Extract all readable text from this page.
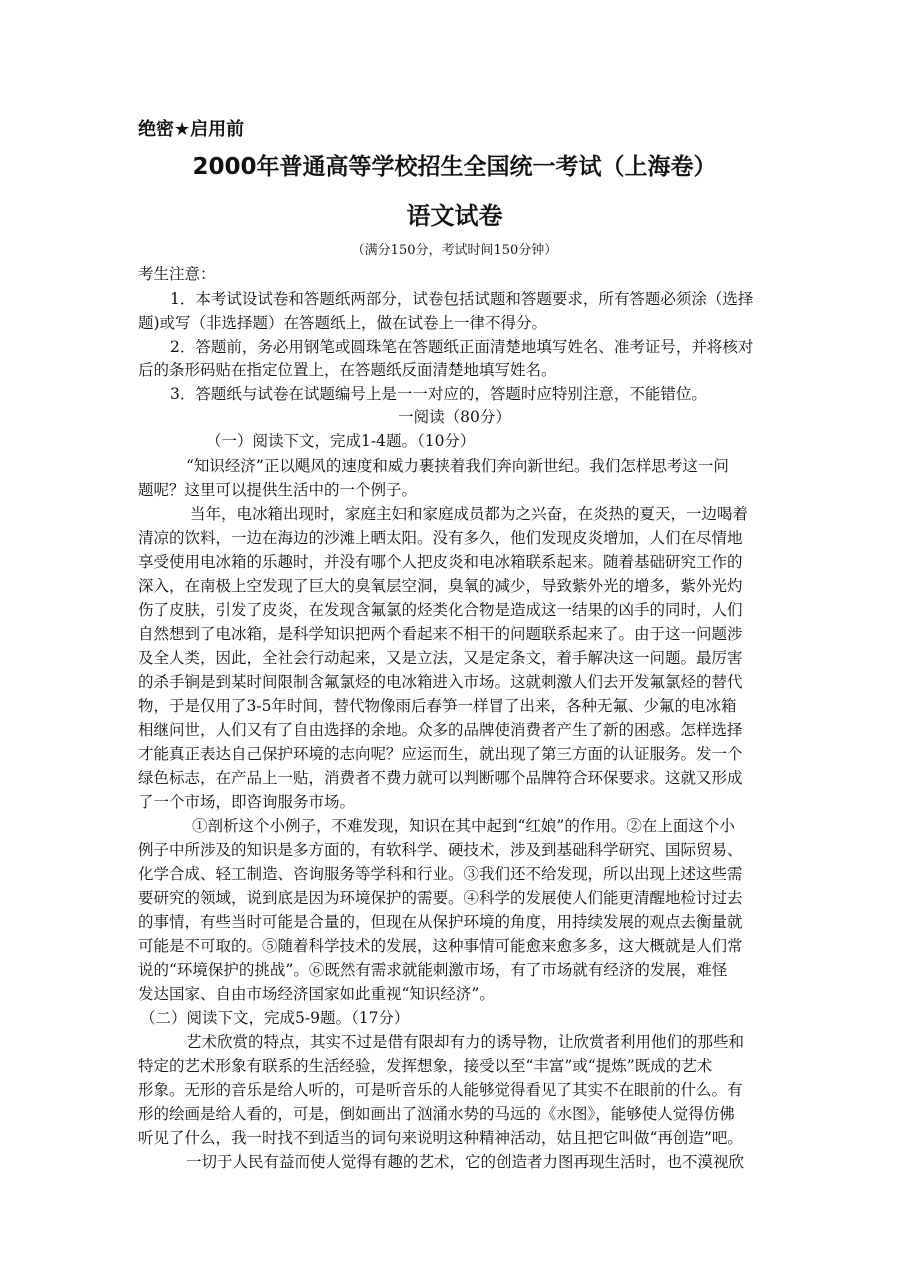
绝密★启用前
2000年普通高等学校招生全国统一考试（上海卷）
语文试卷
（满分150分，考试时间150分钟）
考生注意：
1．本考试设试卷和答题纸两部分，试卷包括试题和答题要求，所有答题必须涂（选择
题)或写（非选择题）在答题纸上，做在试卷上一律不得分。
2．答题前，务必用钢笔或圆珠笔在答题纸正面清楚地填写姓名、准考证号，并将核对
后的条形码贴在指定位置上，在答题纸反面清楚地填写姓名。
3．答题纸与试卷在试题编号上是一一对应的，答题时应特别注意，不能错位。
一阅读（80分）
（一）阅读下文，完成1-4题。（10分）
“知识经济”正以飓风的速度和威力裹挟着我们奔向新世纪。我们怎样思考这一问
题呢？这里可以提供生活中的一个例子。
当年，电冰箱出现时，家庭主妇和家庭成员都为之兴奋，在炎热的夏天，一边喝着
清凉的饮料，一边在海边的沙滩上晒太阳。没有多久，他们发现皮炎增加，人们在尽情地
享受使用电冰箱的乐趣时，并没有哪个人把皮炎和电冰箱联系起来。随着基础研究工作的
深入，在南极上空发现了巨大的臭氧层空洞，臭氧的减少，导致紫外光的增多，紫外光灼
伤了皮肤，引发了皮炎，在发现含氟氯的烃类化合物是造成这一结果的凶手的同时，人们
自然想到了电冰箱，是科学知识把两个看起来不相干的问题联系起来了。由于这一问题涉
及全人类，因此，全社会行动起来，又是立法，又是定条文，着手解决这一问题。最厉害
的杀手锏是到某时间限制含氟氯烃的电冰箱进入市场。这就刺激人们去开发氟氯烃的替代
物，于是仅用了3-5年时间，替代物像雨后春笋一样冒了出来，各种无氟、少氟的电冰箱
相继问世，人们又有了自由选择的余地。众多的品牌使消费者产生了新的困惑。怎样选择
才能真正表达自己保护环境的志向呢？应运而生，就出现了第三方面的认证服务。发一个
绿色标志，在产品上一贴，消费者不费力就可以判断哪个品牌符合环保要求。这就又形成
了一个市场，即咨询服务市场。
①剖析这个小例子，不难发现，知识在其中起到“红娘”的作用。②在上面这个小
例子中所涉及的知识是多方面的，有软科学、硬技术，涉及到基础科学研究、国际贸易、
化学合成、轻工制造、咨询服务等学科和行业。③我们还不给发现，所以出现上述这些需
要研究的领域，说到底是因为环境保护的需要。④科学的发展使人们能更清醒地检讨过去
的事情，有些当时可能是合量的，但现在从保护环境的角度，用持续发展的观点去衡量就
可能是不可取的。⑤随着科学技术的发展，这种事情可能愈来愈多多，这大概就是人们常
说的“环境保护的挑战”。⑥既然有需求就能刺激市场，有了市场就有经济的发展，难怪
发达国家、自由市场经济国家如此重视“知识经济”。
（二）阅读下文，完成5-9题。（17分）
艺术欣赏的特点，其实不过是借有限却有力的诱导物，让欣赏者利用他们的那些和
特定的艺术形象有联系的生活经验，发挥想象，接受以至“丰富”或“提炼”既成的艺术
形象。无形的音乐是给人听的，可是听音乐的人能够觉得看见了其实不在眼前的什么。有
形的绘画是给人看的，可是，倒如画出了汹涌水势的马远的《水图》，能够使人觉得仿佛
听见了什么，我一时找不到适当的词句来说明这种精神活动，姑且把它叫做“再创造”吧。
一切于人民有益而使人觉得有趣的艺术，它的创造者力图再现生活时，也不漠视欣
